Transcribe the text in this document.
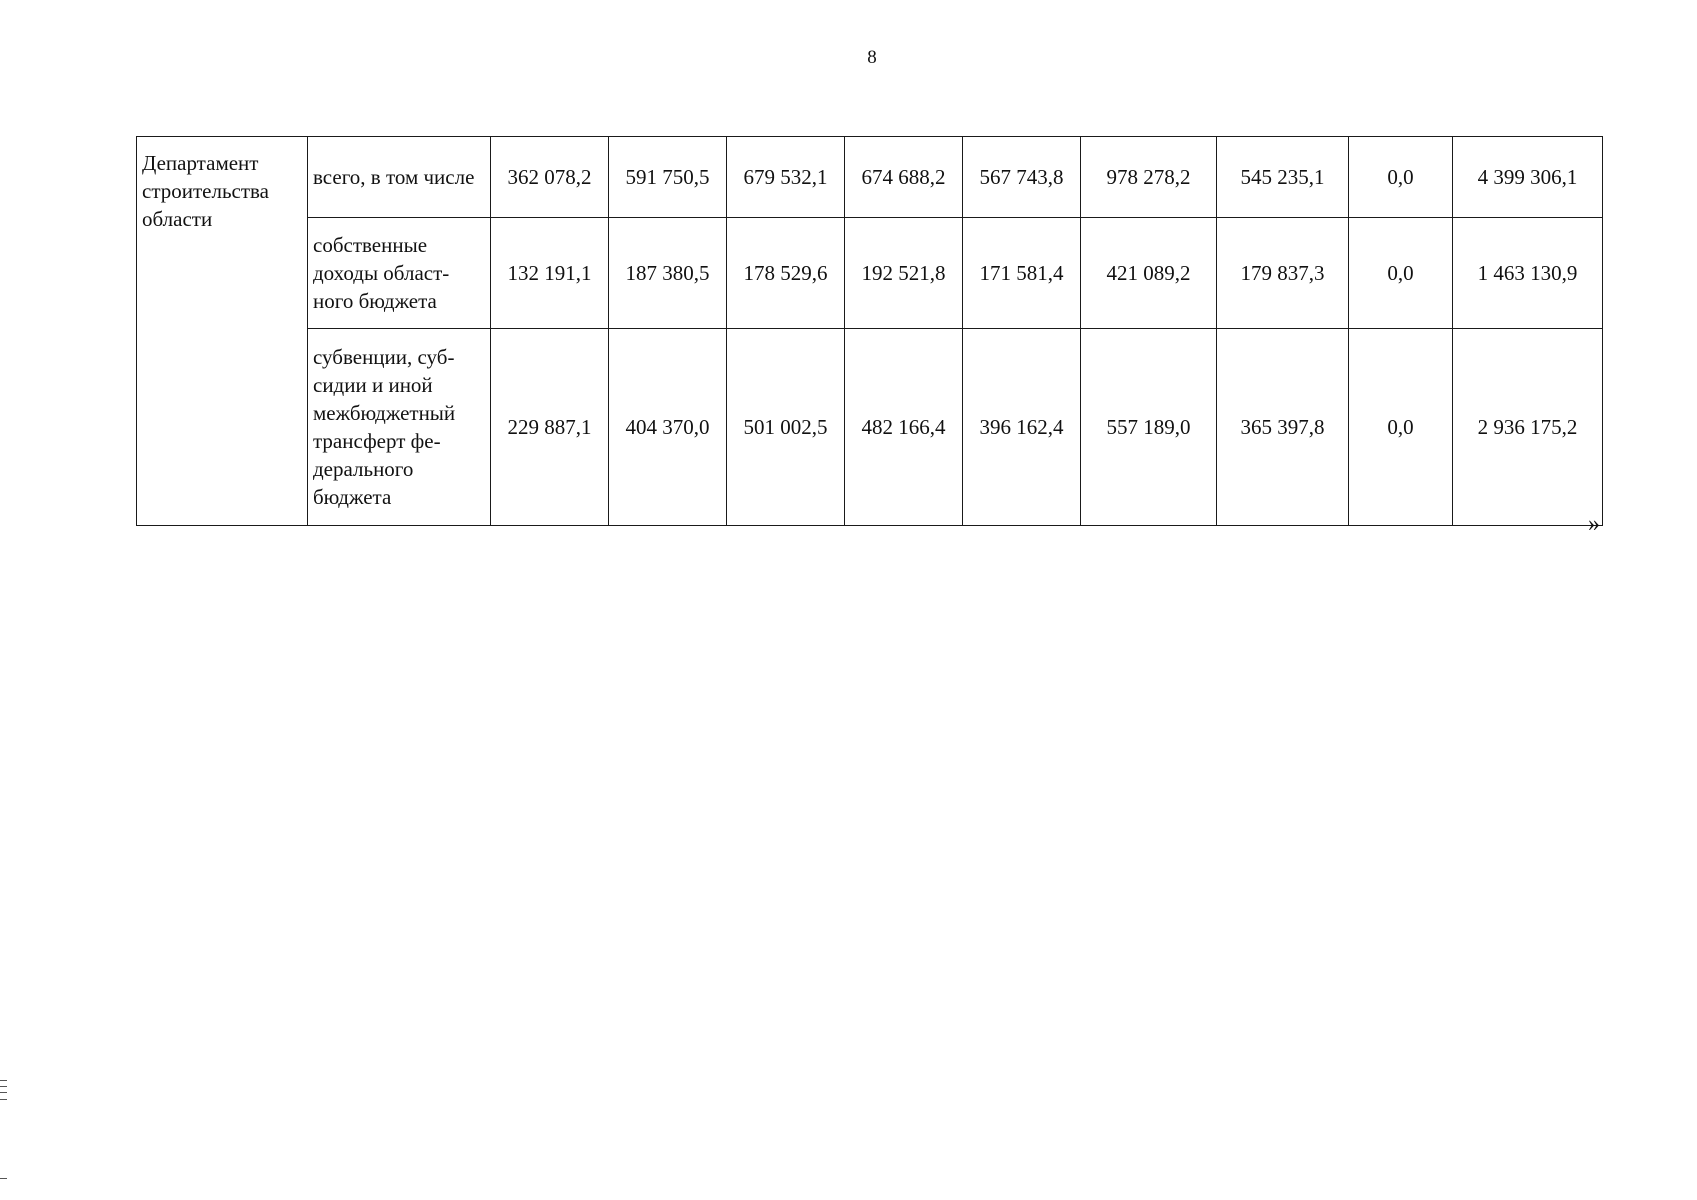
8
Департамент строительства области	всего, в том числе	362 078,2	591 750,5	679 532,1	674 688,2	567 743,8	978 278,2	545 235,1	0,0	4 399 306,1
	собственные доходы област-ного бюджета	132 191,1	187 380,5	178 529,6	192 521,8	171 581,4	421 089,2	179 837,3	0,0	1 463 130,9
	субвенции, суб-сидии и иной межбюджетный трансферт фе-дерального бюджета	229 887,1	404 370,0	501 002,5	482 166,4	396 162,4	557 189,0	365 397,8	0,0	2 936 175,2
»
